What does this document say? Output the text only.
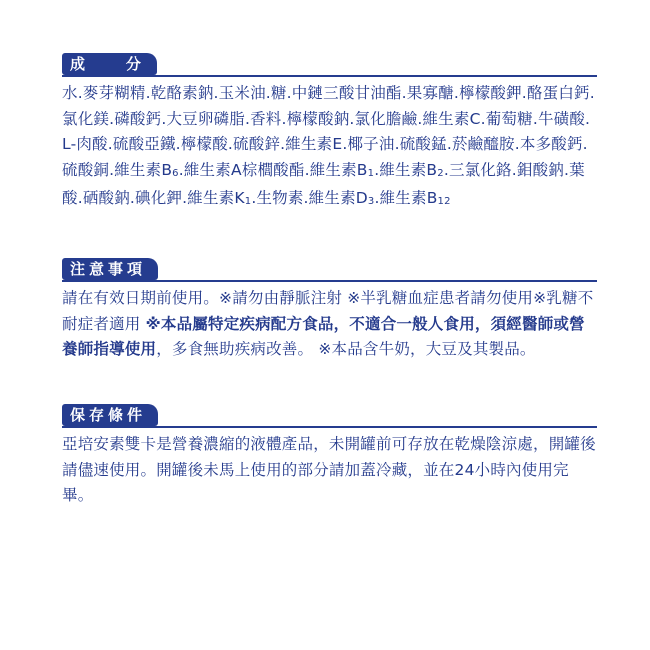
成    分
水.麥芽糊精.乾酪素鈉.玉米油.糖.中鏈三酸甘油酯.果寡醣.檸檬酸鉀.酪蛋白鈣.氯化鎂.磷酸鈣.大豆卵磷脂.香料.檸檬酸鈉.氯化膽鹼.維生素C.葡萄糖.牛磺酸.L-肉酸.硫酸亞鐵.檸檬酸.硫酸鋅.維生素E.椰子油.硫酸錳.菸鹼醯胺.本多酸鈣.硫酸銅.維生素$B_6$.維生素A棕櫚酸酯.維生素$B_1$.維生素$B_2$.三氯化鉻.鉬酸鈉.葉酸.硒酸鈉.碘化鉀.維生素$K_1$.生物素.維生素$D_3$.維生素$B_{12}$
注意事項
請在有效日期前使用。※請勿由靜脈注射 ※半乳糖血症患者請勿使用※乳糖不耐症者適用 ※本品屬特定疾病配方食品，不適合一般人食用，須經醫師或營養師指導使用，多食無助疾病改善。 ※本品含牛奶，大豆及其製品。
保存條件
亞培安素雙卡是營養濃縮的液體產品，未開罐前可存放在乾燥陰涼處，開罐後請儘速使用。開罐後未馬上使用的部分請加蓋冷藏，並在24小時內使用完畢。
